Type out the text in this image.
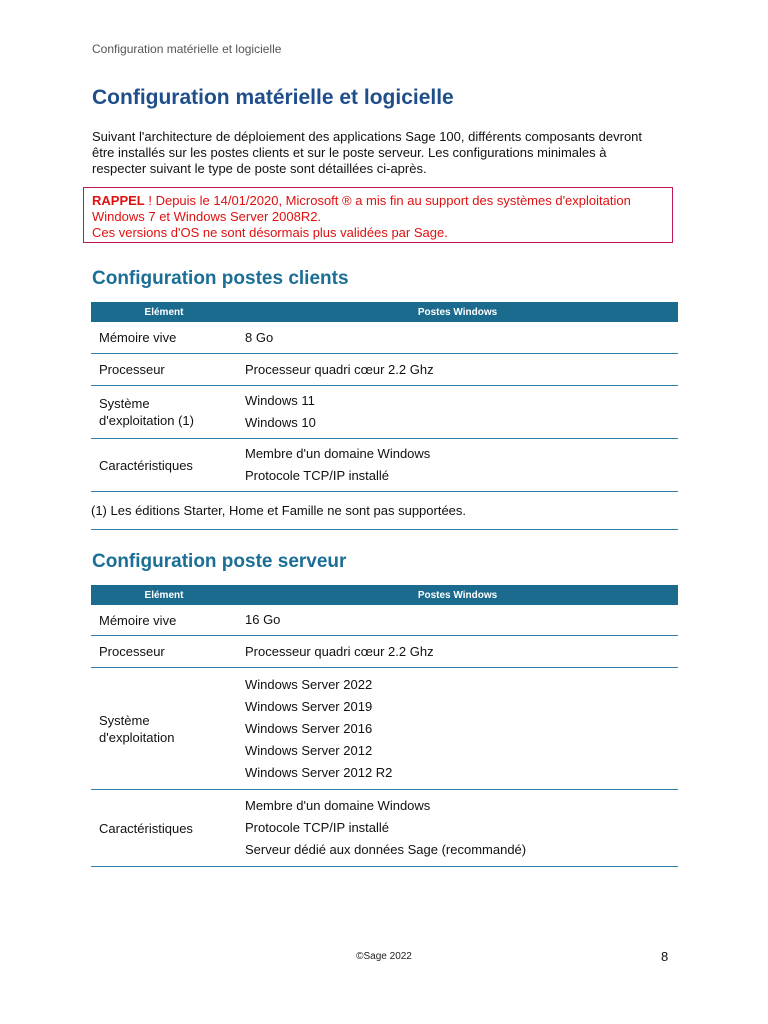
Configuration matérielle et logicielle
Configuration matérielle et logicielle

Suivant l'architecture de déploiement des applications Sage 100, différents composants devront être installés sur les postes clients et sur le poste serveur. Les configurations minimales à respecter suivant le type de poste sont détaillées ci-après.

RAPPEL ! Depuis le 14/01/2020, Microsoft ® a mis fin au support des systèmes d'exploitation Windows 7 et Windows Server 2008R2.
Ces versions d'OS ne sont désormais plus validées par Sage.
Configuration postes clients
Elément	Postes Windows
Mémoire vive	8 Go

Processeur	Processeur quadri cœur 2.2 Ghz

Système d'exploitation (1)	Windows 11
Windows 10

Caractéristiques	Membre d'un domaine Windows
Protocole TCP/IP installé

(1) Les éditions Starter, Home et Famille ne sont pas supportées.	
Configuration poste serveur
Elément	Postes Windows
Mémoire vive	16 Go

Processeur	Processeur quadri cœur 2.2 Ghz

Système d'exploitation	Windows Server 2022
Windows Server 2019
Windows Server 2016
Windows Server 2012
Windows Server 2012 R2

Caractéristiques	Membre d'un domaine Windows
Protocole TCP/IP installé
Serveur dédié aux données Sage (recommandé)
©Sage 2022	8
